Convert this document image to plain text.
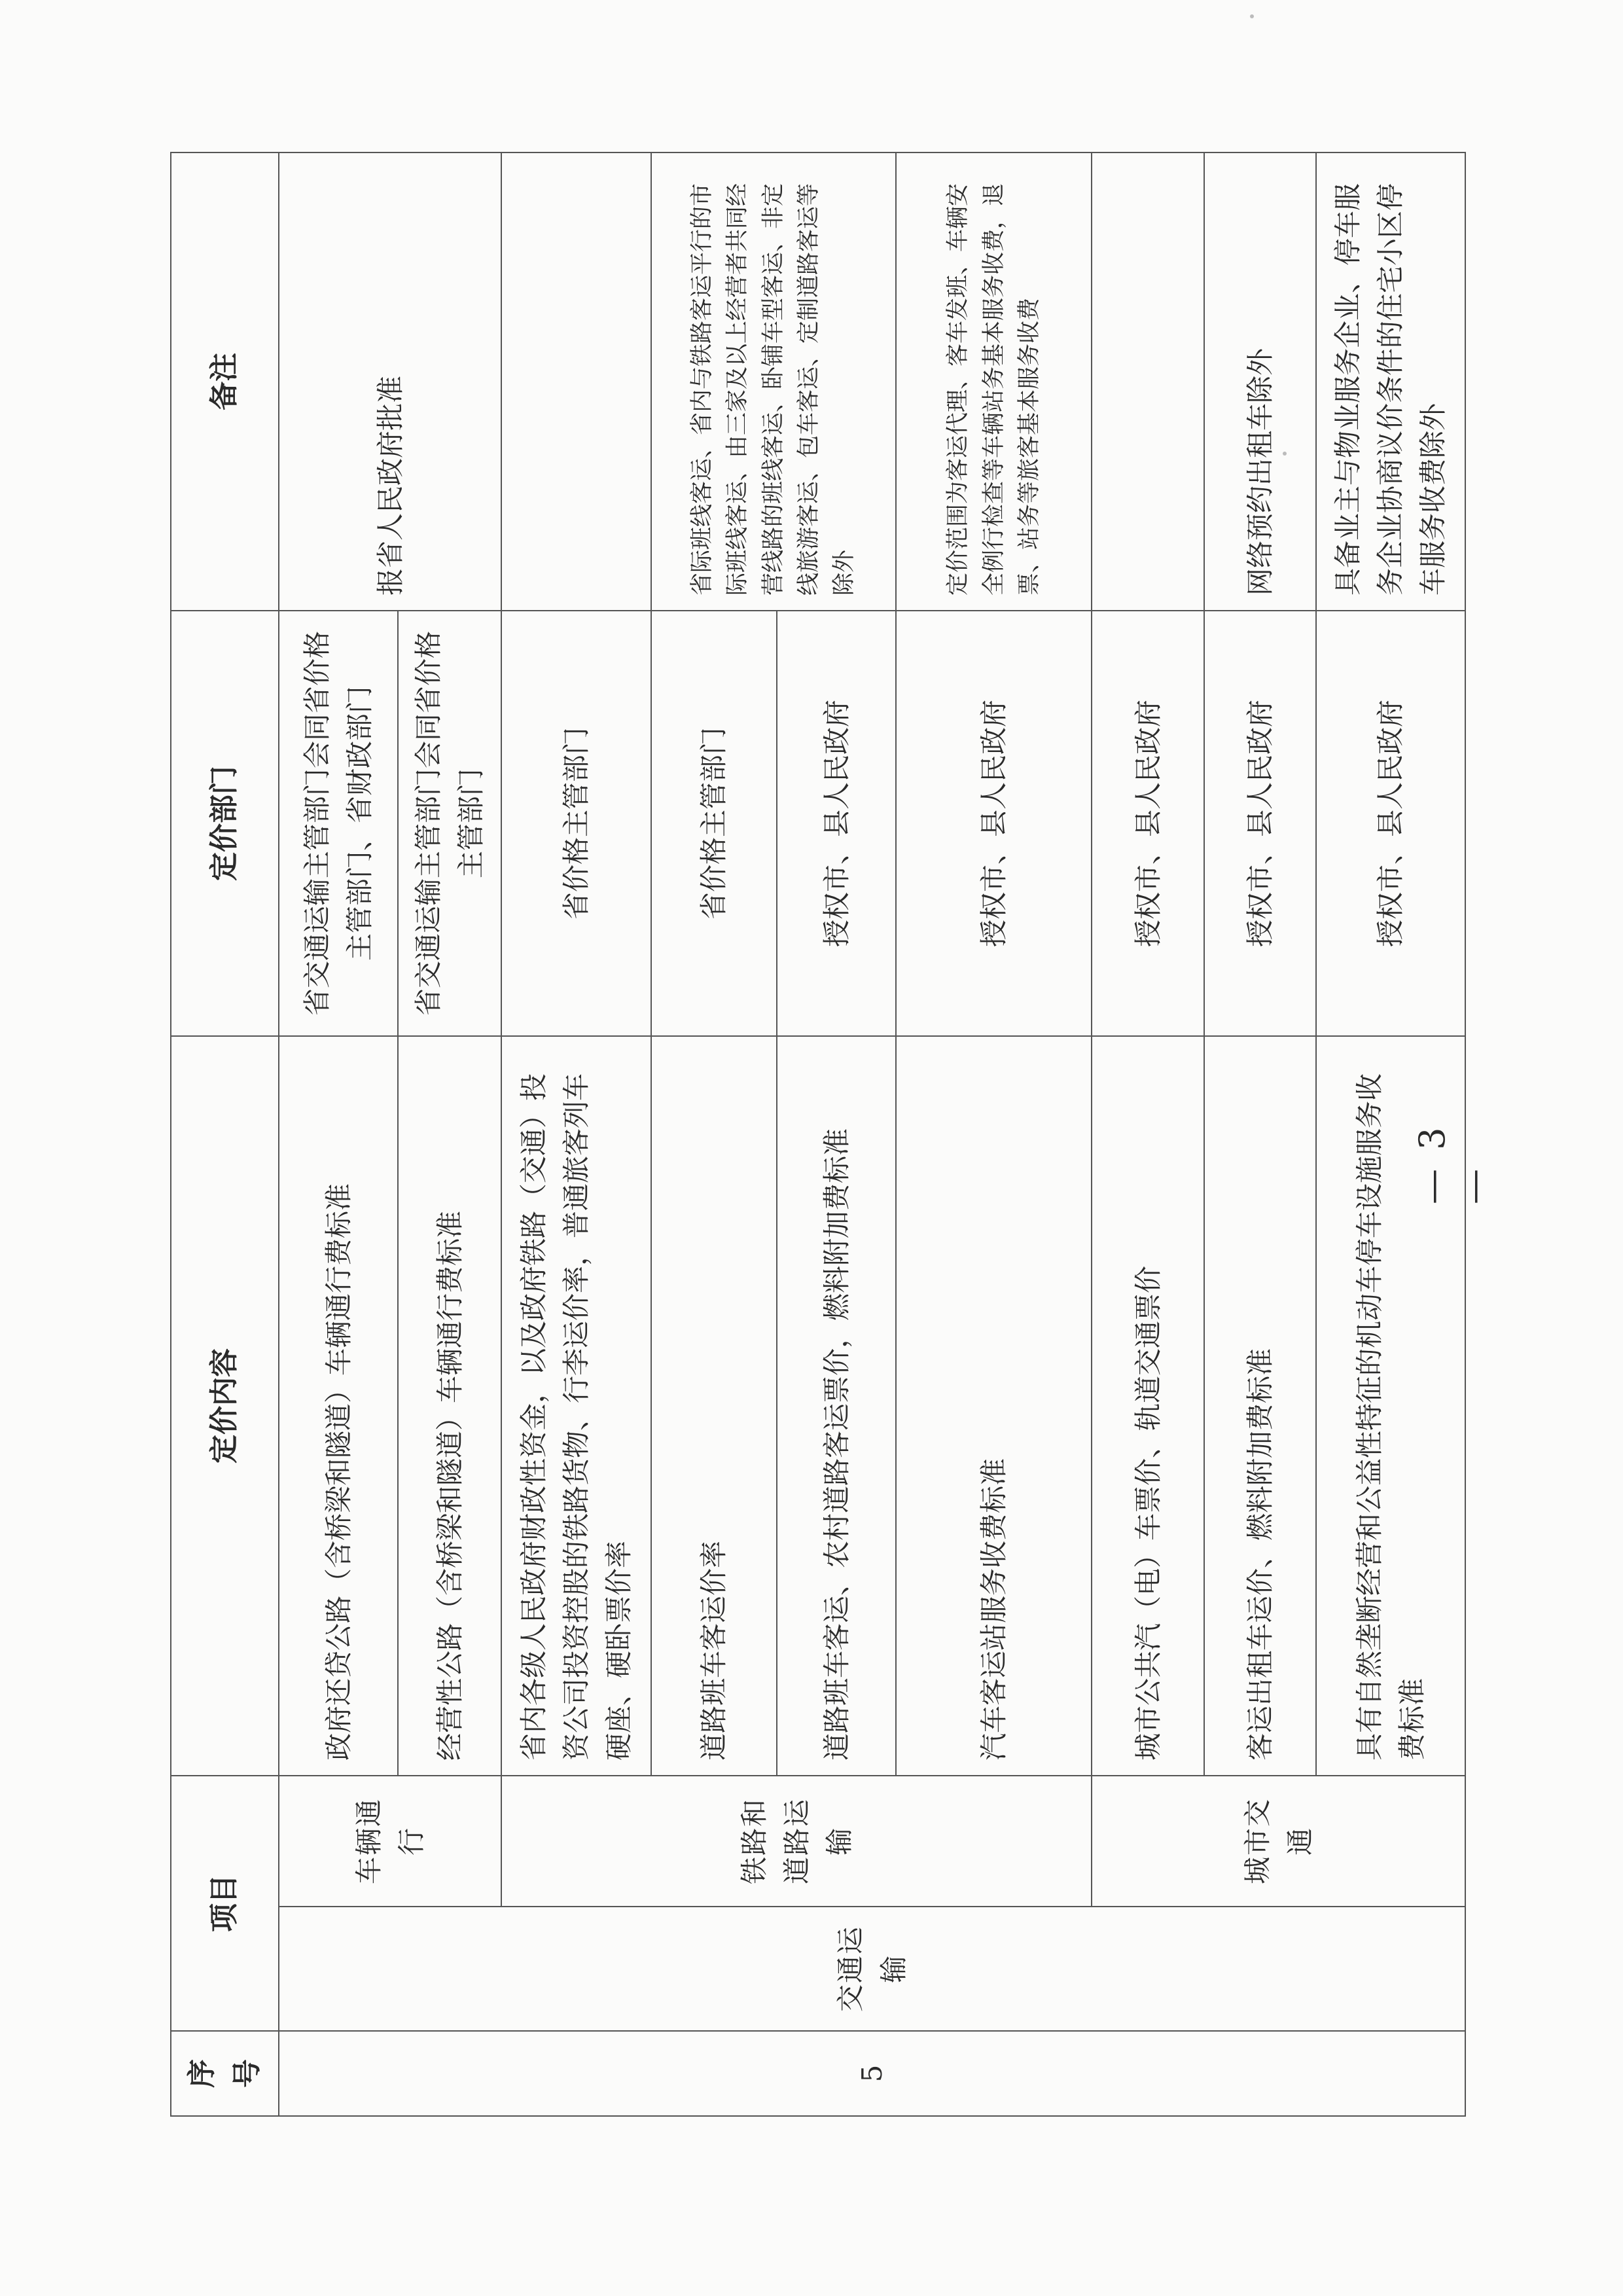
序号	项目		定价内容	定价部门	备注
5	交通运输	车辆通行	政府还贷公路（含桥梁和隧道）车辆通行费标准	省交通运输主管部门会同省价格主管部门、省财政部门	报省人民政府批准
			经营性公路（含桥梁和隧道）车辆通行费标准	省交通运输主管部门会同省价格主管部门	
		铁路和道路运输	省内各级人民政府财政性资金，以及政府铁路（交通）投资公司投资控股的铁路货物、行李运价率，普通旅客列车硬座、硬卧票价率	省价格主管部门	
			道路班车客运价率	省价格主管部门	省际班线客运、省内与铁路客运平行的市际班线客运、由三家及以上经营者共同经营线路的班线客运、卧铺车型客运、非定线旅游客运、包车客运、定制道路客运等除外
			道路班车客运、农村道路客运票价，燃料附加费标准	授权市、县人民政府	
			汽车客运站服务收费标准	授权市、县人民政府	定价范围为客运代理、客车发班、车辆安全例行检查等车辆站务基本服务收费，退票、站务等旅客基本服务收费
		城市交通	城市公共汽（电）车票价、轨道交通票价	授权市、县人民政府	
			客运出租车运价、燃料附加费标准	授权市、县人民政府	网络预约出租车除外
			具有自然垄断经营和公益性特征的机动车停车设施服务收费标准	授权市、县人民政府	具备业主与物业服务企业、停车服务企业协商议价条件的住宅小区停车服务收费除外
— 3 —
